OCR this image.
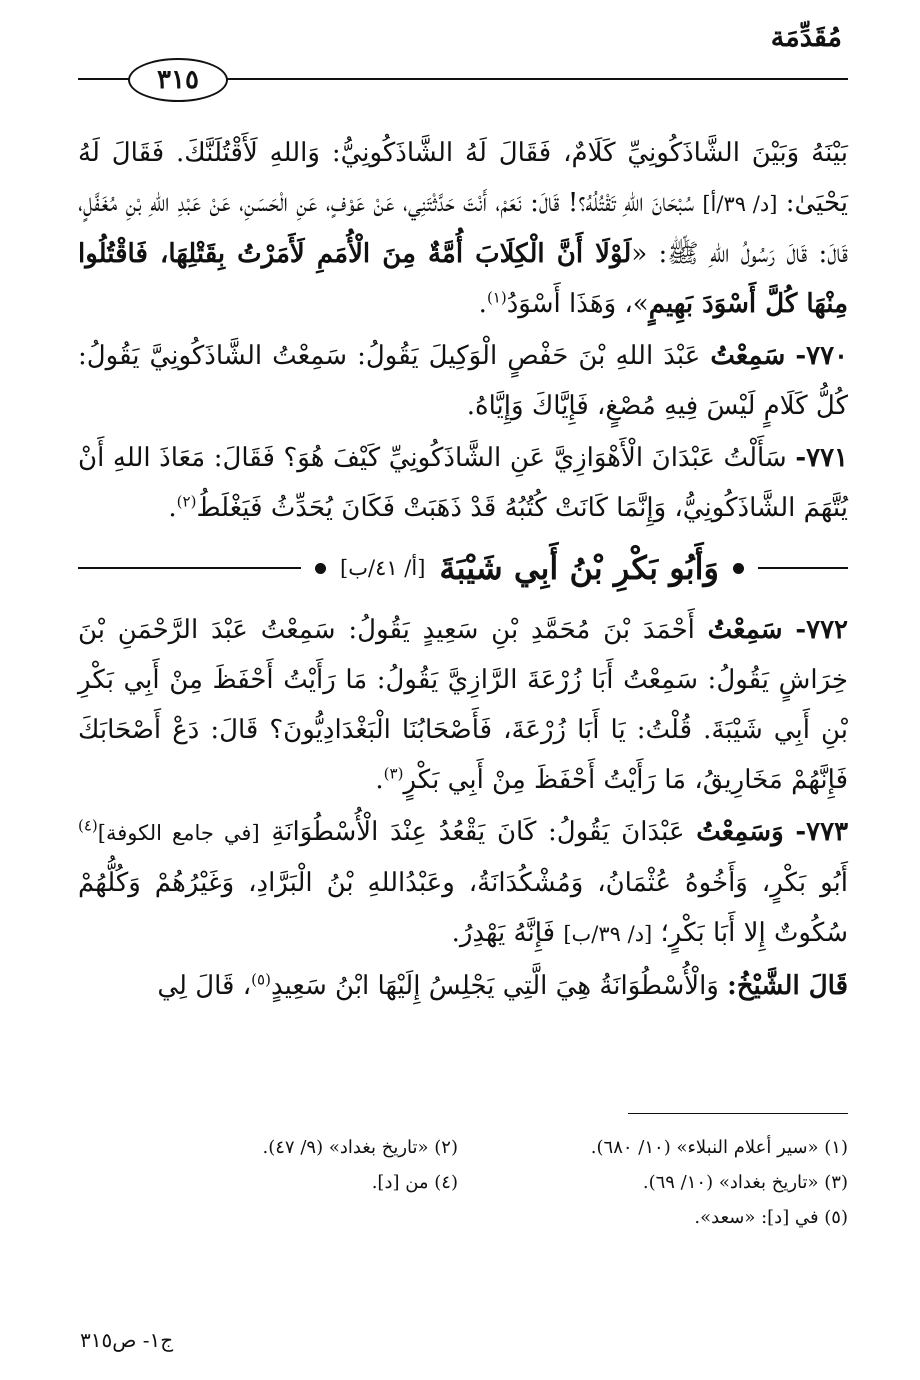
مُقَدِّمَة
٣١٥

بَيْنَهُ وَبَيْنَ الشَّاذَكُونِيِّ كَلَامٌ، فَقَالَ لَهُ الشَّاذَكُونِيُّ: وَاللهِ لَأَقْتُلَنَّكَ. فَقَالَ لَهُ يَحْيَىٰ: [د/ ٣٩/أ] سُبْحَانَ اللهِ تَقْتُلُهُ؟! قَالَ: نَعَمْ، أَنْتَ حَدَّثْتَنِي، عَنْ عَوْفٍ، عَنِ الْحَسَنِ، عَنْ عَبْدِ اللهِ بْنِ مُغَفَّلٍ، قَالَ: قَالَ رَسُولُ اللهِ ﷺ: «لَوْلَا أَنَّ الْكِلَابَ أُمَّةٌ مِنَ الْأُمَمِ لَأَمَرْتُ بِقَتْلِهَا، فَاقْتُلُوا مِنْهَا كُلَّ أَسْوَدَ بَهِيمٍ»، وَهَذَا أَسْوَدُ$^{(١)}$.

٧٧٠- سَمِعْتُ عَبْدَ اللهِ بْنَ حَفْصٍ الْوَكِيلَ يَقُولُ: سَمِعْتُ الشَّاذَكُونِيَّ يَقُولُ: كُلُّ كَلَامٍ لَيْسَ فِيهِ مُصْغٍ، فَإِيَّاكَ وَإِيَّاهُ.

٧٧١- سَأَلْتُ عَبْدَانَ الْأَهْوَازِيَّ عَنِ الشَّاذَكُونِيِّ كَيْفَ هُوَ؟ فَقَالَ: مَعَاذَ اللهِ أَنْ يُتَّهَمَ الشَّاذَكُونِيُّ، وَإِنَّمَا كَانَتْ كُتُبُهُ قَدْ ذَهَبَتْ فَكَانَ يُحَدِّثُ فَيَغْلَطُ$^{(٢)}$.

وَأَبُو بَكْرِ بْنُ أَبِي شَيْبَةَ
[أ/ ٤١/ب]

٧٧٢- سَمِعْتُ أَحْمَدَ بْنَ مُحَمَّدِ بْنِ سَعِيدٍ يَقُولُ: سَمِعْتُ عَبْدَ الرَّحْمَنِ بْنَ خِرَاشٍ يَقُولُ: سَمِعْتُ أَبَا زُرْعَةَ الرَّازِيَّ يَقُولُ: مَا رَأَيْتُ أَحْفَظَ مِنْ أَبِي بَكْرِ بْنِ أَبِي شَيْبَةَ. قُلْتُ: يَا أَبَا زُرْعَةَ، فَأَصْحَابُنَا الْبَغْدَادِيُّونَ؟ قَالَ: دَعْ أَصْحَابَكَ فَإِنَّهُمْ مَخَارِيقُ، مَا رَأَيْتُ أَحْفَظَ مِنْ أَبِي بَكْرٍ$^{(٣)}$.

٧٧٣- وَسَمِعْتُ عَبْدَانَ يَقُولُ: كَانَ يَقْعُدُ عِنْدَ الْأُسْطُوَانَةِ [في جامع الكوفة]$^{(٤)}$ أَبُو بَكْرٍ، وَأَخُوهُ عُثْمَانُ، وَمُشْكُدَانَةُ، وعَبْدُاللهِ بْنُ الْبَرَّادِ، وَغَيْرُهُمْ وَكُلُّهُمْ سُكُوتٌ إِلا أَبَا بَكْرٍ؛ [د/ ٣٩/ب] فَإِنَّهُ يَهْدِرُ.

قَالَ الشَّيْخُ: وَالْأُسْطُوَانَةُ هِيَ الَّتِي يَجْلِسُ إِلَيْهَا ابْنُ سَعِيدٍ$^{(٥)}$، قَالَ لِي

(١) «سير أعلام النبلاء» (١٠/ ٦٨٠).
(٢) «تاريخ بغداد» (٩/ ٤٧).
(٣) «تاريخ بغداد» (١٠/ ٦٩).
(٤) من [د].
(٥) في [د]: «سعد».
ج١- ص٣١٥
